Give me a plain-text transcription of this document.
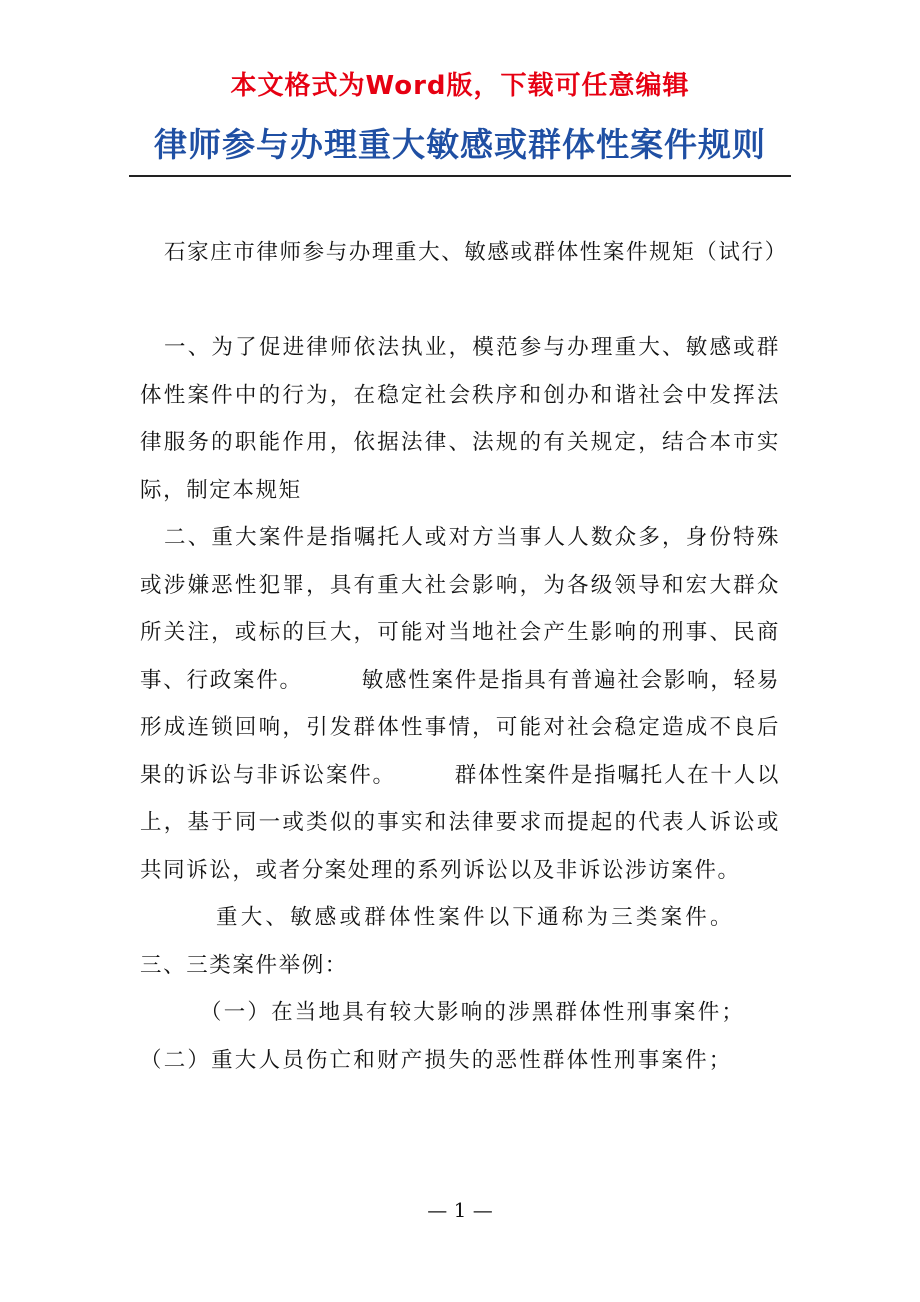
本文格式为Word版，下载可任意编辑
律师参与办理重大敏感或群体性案件规则

石家庄市律师参与办理重大、敏感或群体性案件规矩（试行）

一、为了促进律师依法执业，模范参与办理重大、敏感或群体性案件中的行为，在稳定社会秩序和创办和谐社会中发挥法律服务的职能作用，依据法律、法规的有关规定，结合本市实际，制定本规矩

二、重大案件是指嘱托人或对方当事人人数众多，身份特殊或涉嫌恶性犯罪，具有重大社会影响，为各级领导和宏大群众所关注，或标的巨大，可能对当地社会产生影响的刑事、民商事、行政案件。　　　敏感性案件是指具有普遍社会影响，轻易形成连锁回响，引发群体性事情，可能对社会稳定造成不良后果的诉讼与非诉讼案件。　　　群体性案件是指嘱托人在十人以上，基于同一或类似的事实和法律要求而提起的代表人诉讼或共同诉讼，或者分案处理的系列诉讼以及非诉讼涉访案件。

重大、敏感或群体性案件以下通称为三类案件。

三、三类案件举例：

（一）在当地具有较大影响的涉黑群体性刑事案件；

（二）重大人员伤亡和财产损失的恶性群体性刑事案件；

— 1 —
